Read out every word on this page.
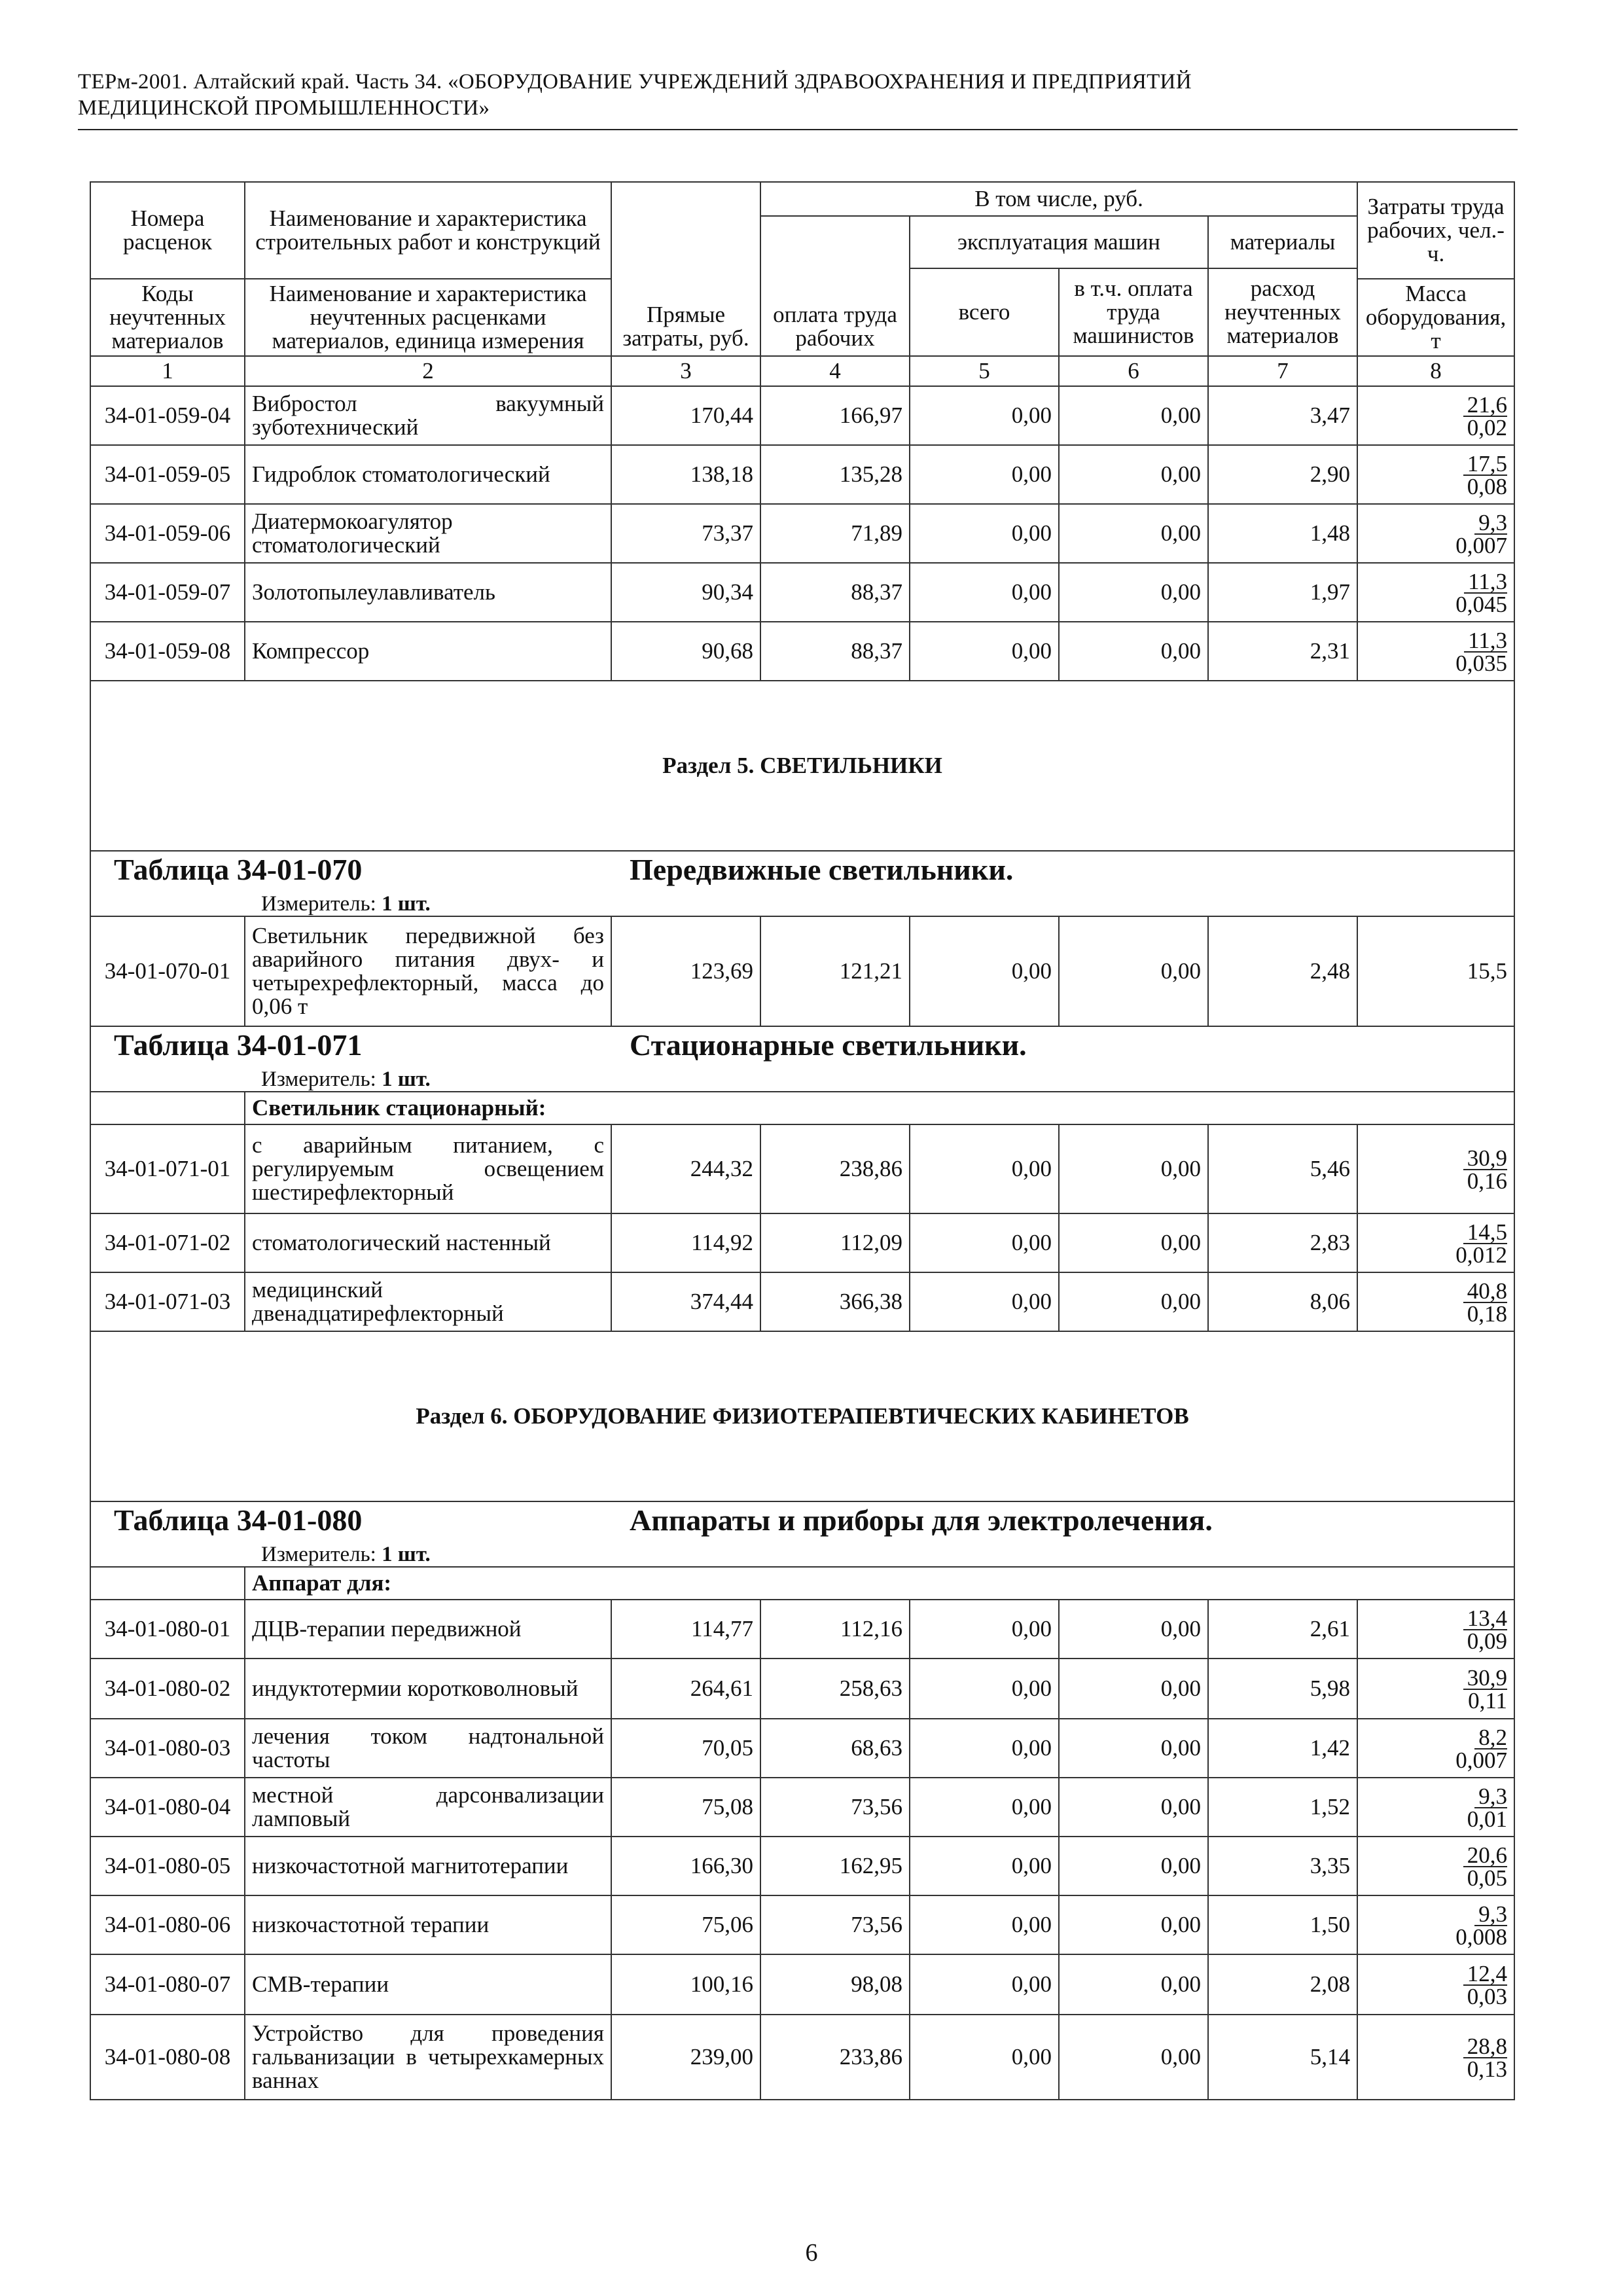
ТЕРм-2001. Алтайский край. Часть 34. «ОБОРУДОВАНИЕ УЧРЕЖДЕНИЙ ЗДРАВООХРАНЕНИЯ И ПРЕДПРИЯТИЙ
МЕДИЦИНСКОЙ ПРОМЫШЛЕННОСТИ»
Номера расценок	Наименование и характеристика строительных работ и конструкций	Прямые затраты, руб.	В том числе, руб.				Затраты труда рабочих, чел.-ч.

			оплата труда рабочих	эксплуатация машин		материалы	
				всего	в т.ч. оплата труда машинистов	расход неучтенных материалов	
Коды неучтенных материалов	Наименование и характеристика неучтенных расценками материалов, единица измерения						Масса оборудования, т
1	2	3	4	5	6	7	8
34-01-059-04	Вибростол вакуумный зуботехнический	170,44	166,97	0,00	0,00	3,47	$\frac{21,6}{0,02}$

34-01-059-05	Гидроблок стоматологический	138,18	135,28	0,00	0,00	2,90	$\frac{17,5}{0,08}$

34-01-059-06	Диатермокоагулятор стоматологический	73,37	71,89	0,00	0,00	1,48	$\frac{9,3}{0,007}$

34-01-059-07	Золотопылеулавливатель	90,34	88,37	0,00	0,00	1,97	$\frac{11,3}{0,045}$

34-01-059-08	Компрессор	90,68	88,37	0,00	0,00	2,31	$\frac{11,3}{0,035}$

Раздел 5. СВЕТИЛЬНИКИ							

Таблица 34-01-070 Передвижные светильники.
Измеритель: 1 шт.							

34-01-070-01	Светильник передвижной без аварийного питания двух- и четырехрефлекторный, масса до 0,06 т	123,69	121,21	0,00	0,00	2,48	15,5

Таблица 34-01-071 Стационарные светильники.
Измеритель: 1 шт.							

	Светильник стационарный:						
34-01-071-01	с аварийным питанием, с регулируемым освещением шестирефлекторный	244,32	238,86	0,00	0,00	5,46	$\frac{30,9}{0,16}$

34-01-071-02	стоматологический настенный	114,92	112,09	0,00	0,00	2,83	$\frac{14,5}{0,012}$

34-01-071-03	медицинский двенадцатирефлекторный	374,44	366,38	0,00	0,00	8,06	$\frac{40,8}{0,18}$

Раздел 6. ОБОРУДОВАНИЕ ФИЗИОТЕРАПЕВТИЧЕСКИХ КАБИНЕТОВ							

Таблица 34-01-080 Аппараты и приборы для электролечения.
Измеритель: 1 шт.							

	Аппарат для:						
34-01-080-01	ДЦВ-терапии передвижной	114,77	112,16	0,00	0,00	2,61	$\frac{13,4}{0,09}$

34-01-080-02	индуктотермии коротковолновый	264,61	258,63	0,00	0,00	5,98	$\frac{30,9}{0,11}$

34-01-080-03	лечения током надтональной частоты	70,05	68,63	0,00	0,00	1,42	$\frac{8,2}{0,007}$

34-01-080-04	местной дарсонвализации ламповый	75,08	73,56	0,00	0,00	1,52	$\frac{9,3}{0,01}$

34-01-080-05	низкочастотной магнитотерапии	166,30	162,95	0,00	0,00	3,35	$\frac{20,6}{0,05}$

34-01-080-06	низкочастотной терапии	75,06	73,56	0,00	0,00	1,50	$\frac{9,3}{0,008}$

34-01-080-07	СМВ-терапии	100,16	98,08	0,00	0,00	2,08	$\frac{12,4}{0,03}$

34-01-080-08	Устройство для проведения гальванизации в четырехкамерных ваннах	239,00	233,86	0,00	0,00	5,14	$\frac{28,8}{0,13}$
6
